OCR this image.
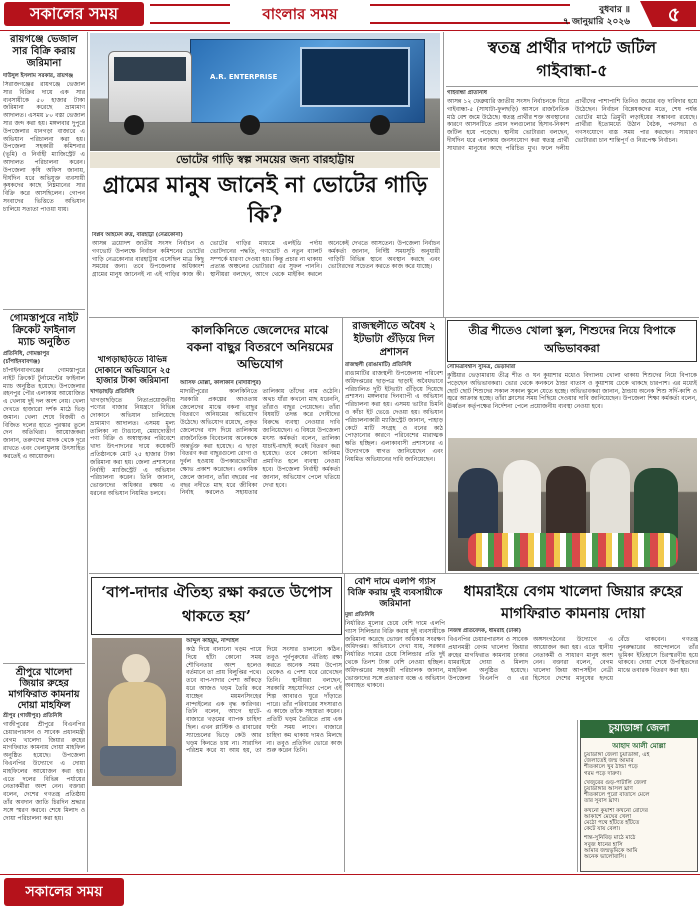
সকালের সময়	বাংলার সময়	বুধবার ॥
৭ জানুয়ারি ২০২৬	৫
রায়গঞ্জে ভেজাল সার বিক্রি করায় জরিমানা
দাউদুল ইসলাম সরকার, রায়গঞ্জ
সিরাজগঞ্জের রায়গঞ্জে ভেজাল সার বিক্রির দায়ে এক সার ব্যবসায়ীকে ৫০ হাজার টাকা জরিমানা করেছে ভ্রাম্যমাণ আদালত। এসময় ৮০ বস্তা ভেজাল সার জব্দ করা হয়। মঙ্গলবার দুপুরে উপজেলার ধানগড়া বাজারে এ অভিযান পরিচালনা করা হয়। উপজেলা সহকারী কমিশনার (ভূমি) ও নির্বাহী ম্যাজিস্ট্রেট এ আদালত পরিচালনা করেন। উপজেলা কৃষি অফিস জানায়, দীর্ঘদিন ধরে অভিযুক্ত ব্যবসায়ী কৃষকদের কাছে নিম্নমানের সার বিক্রি করে আসছিলেন। গোপন সংবাদের ভিত্তিতে অভিযান চালিয়ে সত্যতা পাওয়া যায়।
গোমস্তাপুরে নাইট ক্রিকেট ফাইনাল ম্যাচ অনুষ্ঠিত
প্রতিনিধি, গোমস্তাপুর (চাঁপাইনবাবগঞ্জ)
চাঁপাইনবাবগঞ্জের গোমস্তাপুরে নাইট ক্রিকেট টুর্নামেন্টের ফাইনাল ম্যাচ অনুষ্ঠিত হয়েছে। উপজেলার রহনপুর পৌর এলাকায় আয়োজিত এ খেলায় দুই দল অংশ নেয়। খেলা দেখতে হাজারো দর্শক মাঠে ভিড় জমান। খেলা শেষে বিজয়ী ও বিজিত দলের হাতে পুরস্কার তুলে দেন অতিথিরা। আয়োজকরা জানান, তরুণদের মাদক থেকে দূরে রাখতে এবং খেলাধুলায় উৎসাহিত করতেই এ আয়োজন।
শ্রীপুরে খালেদা জিয়ার রুহের মাগফিরাত কামনায় দোয়া মাহফিল
শ্রীপুর (গাজীপুর) প্রতিনিধি
গাজীপুরের শ্রীপুরে বিএনপির চেয়ারপারসন ও সাবেক প্রধানমন্ত্রী বেগম খালেদা জিয়ার রুহের মাগফিরাত কামনায় দোয়া মাহফিল অনুষ্ঠিত হয়েছে। উপজেলা বিএনপির উদ্যোগে এ দোয়া মাহফিলের আয়োজন করা হয়। এতে দলের বিভিন্ন পর্যায়ের নেতাকর্মীরা অংশ নেন। বক্তারা বলেন, দেশের গণতন্ত্র প্রতিষ্ঠায় তাঁর অবদান জাতি চিরদিন শ্রদ্ধার সঙ্গে স্মরণ করবে। শেষে মিলাদ ও দোয়া পরিচালনা করা হয়।
A.R. ENTERPRISE
ভোটের গাড়ি স্বল্প সময়ের জন্য বারহাট্টায়
গ্রামের মানুষ জানেই না ভোটের গাড়ি কি?
বিপ্লব আহমেদ রুদ্র, বারহাট্টা (নেত্রকোনা)
আসন্ন ত্রয়োদশ জাতীয় সংসদ নির্বাচন ও গণভোট উপলক্ষে নির্বাচন কমিশনের ভোটের গাড়ি নেত্রকোনার বারহাট্টায় এসেছিল মাত্র কিছু সময়ের জন্য। তবে উপজেলার অধিকাংশ গ্রামের মানুষ জানেনই না এই গাড়ির কাজ কী। ভোটের গাড়ির মাধ্যমে এলইডি পর্দায় ভোটদানের পদ্ধতি, গণভোট ও নতুন ব্যালট সম্পর্কে ধারণা দেওয়া হয়। কিন্তু প্রচার না থাকায় প্রত্যন্ত অঞ্চলের ভোটাররা এর সুফল পাননি। স্থানীয়রা বলছেন, আগে থেকে মাইকিং করলে অনেকেই দেখতে আসতেন। উপজেলা নির্বাচন কর্মকর্তা জানান, নির্দিষ্ট সময়সূচি অনুযায়ী গাড়িটি বিভিন্ন স্থানে অবস্থান করছে এবং ভোটারদের সচেতন করতে কাজ করে যাচ্ছে।
স্বতন্ত্র প্রার্থীর দাপটে জটিল গাইবান্ধা-৫
গাইবান্ধা প্রতিনিধি
আসন্ন ১২ ফেব্রুয়ারি জাতীয় সংসদ নির্বাচনকে ঘিরে গাইবান্ধা-৫ (সাঘাটা-ফুলছড়ি) আসনে রাজনৈতিক মাঠ বেশ জমে উঠেছে। স্বতন্ত্র প্রার্থীর শক্ত অবস্থানের কারণে আসনটিতে প্রধান দলগুলোর হিসাব-নিকাশ জটিল হয়ে পড়েছে। স্থানীয় ভোটাররা বলছেন, দীর্ঘদিন ধরে এলাকায় জনসংযোগ করা স্বতন্ত্র প্রার্থী সাধারণ মানুষের কাছে পরিচিত মুখ। ফলে দলীয় প্রার্থীদের পাশাপাশি তিনিও জয়ের বড় দাবিদার হয়ে উঠেছেন। নির্বাচন বিশ্লেষকদের মতে, শেষ পর্যন্ত ভোটের মাঠে ত্রিমুখী লড়াইয়ের সম্ভাবনা রয়েছে। প্রার্থীরা ইতোমধ্যে উঠান বৈঠক, পথসভা ও গণসংযোগে ব্যস্ত সময় পার করছেন। সাধারণ ভোটাররা চান শান্তিপূর্ণ ও নিরপেক্ষ নির্বাচন।
খাগড়াছড়িতে বিভিন্ন দোকানে অভিযানে ২৫ হাজার টাকা জরিমানা
খাগড়াছড়ি প্রতিনিধি
খাগড়াছড়িতে নিত্যপ্রয়োজনীয় পণ্যের বাজার নিয়ন্ত্রণে বিভিন্ন দোকানে অভিযান চালিয়েছে ভ্রাম্যমাণ আদালত। এসময় মূল্য তালিকা না টাঙানো, মেয়াদোত্তীর্ণ পণ্য বিক্রি ও অস্বাস্থ্যকর পরিবেশে খাদ্য উৎপাদনের দায়ে কয়েকটি প্রতিষ্ঠানকে মোট ২৫ হাজার টাকা জরিমানা করা হয়। জেলা প্রশাসনের নির্বাহী ম্যাজিস্ট্রেট এ অভিযান পরিচালনা করেন। তিনি জানান, ভোক্তাদের অধিকার রক্ষায় এ ধরনের অভিযান নিয়মিত চলবে।
কালকিনিতে জেলেদের মাঝে বকনা বাছুর বিতরণে অনিয়মের অভিযোগ
আসিফ মোল্লা, কালকিনি (মাদারীপুর)
মাদারীপুরের কালকিনিতে সরকারি প্রকল্পের আওতায় জেলেদের মাঝে বকনা বাছুর বিতরণে অনিয়মের অভিযোগ উঠেছে। অভিযোগ রয়েছে, প্রকৃত জেলেদের বাদ দিয়ে তালিকায় রাজনৈতিক বিবেচনায় অনেককে অন্তর্ভুক্ত করা হয়েছে। এ ছাড়া বিতরণ করা বাছুরগুলো রোগা ও দুর্বল হওয়ায় উপকারভোগীরা ক্ষোভ প্রকাশ করেছেন। একাধিক জেলে জানান, তাঁরা বছরের পর বছর নদীতে মাছ ধরে জীবিকা নির্বাহ করলেও সহায়তার তালিকায় তাঁদের নাম ওঠেনি। অথচ যাঁরা কখনো মাছ ধরেননি, তাঁরাও বাছুর পেয়েছেন। তাঁরা বিষয়টি তদন্ত করে দোষীদের বিরুদ্ধে ব্যবস্থা নেওয়ার দাবি জানিয়েছেন। এ বিষয়ে উপজেলা মৎস্য কর্মকর্তা বলেন, তালিকা যাচাই-বাছাই করেই বিতরণ করা হয়েছে। তবে কোনো অনিয়ম প্রমাণিত হলে ব্যবস্থা নেওয়া হবে। উপজেলা নির্বাহী কর্মকর্তা জানান, অভিযোগ পেলে খতিয়ে দেখা হবে।
রাজস্থলীতে অবৈধ ২ ইটভাটা গুঁড়িয়ে দিল প্রশাসন
রাজস্থলী (রাঙামাটি) প্রতিনিধি
রাঙামাটির রাজস্থলী উপজেলায় পরিবেশ অধিদপ্তরের ছাড়পত্র ছাড়াই অবৈধভাবে পরিচালিত দুটি ইটভাটা গুঁড়িয়ে দিয়েছে প্রশাসন। মঙ্গলবার দিনব্যাপী এ অভিযান পরিচালনা করা হয়। এসময় ভাটার চিমনি ও কাঁচা ইট ভেঙে দেওয়া হয়। অভিযান পরিচালনাকারী ম্যাজিস্ট্রেট জানান, পাহাড় কেটে মাটি সংগ্রহ ও বনের কাঠ পোড়ানোর কারণে পরিবেশের মারাত্মক ক্ষতি হচ্ছিল। এলাকাবাসী প্রশাসনের এ উদ্যোগকে স্বাগত জানিয়েছেন এবং নিয়মিত অভিযানের দাবি জানিয়েছেন।
তীব্র শীতেও খোলা স্কুল, শিশুদের নিয়ে বিপাকে অভিভাবকরা
সৌমিত্রবিশ্বাস সুমিত্র, ভেড়ামারা
কুষ্টিয়ার ভেড়ামারায় তীব্র শীত ও ঘন কুয়াশার মধ্যেও বিদ্যালয় খোলা থাকায় শিশুদের নিয়ে বিপাকে পড়েছেন অভিভাবকরা। ভোর থেকে কনকনে ঠান্ডা বাতাস ও কুয়াশায় ঢেকে থাকছে চারপাশ। এর মধ্যেই ছোট ছোট শিশুদের সকাল সকাল স্কুলে যেতে হচ্ছে। অভিভাবকরা জানান, ঠান্ডায় অনেক শিশু সর্দি-কাশি ও জ্বরে আক্রান্ত হচ্ছে। তাঁরা ক্লাসের সময় পিছিয়ে দেওয়ার দাবি জানিয়েছেন। উপজেলা শিক্ষা কর্মকর্তা বলেন, ঊর্ধ্বতন কর্তৃপক্ষের নির্দেশনা পেলে প্রয়োজনীয় ব্যবস্থা নেওয়া হবে।
‘বাপ-দাদার ঐতিহ্য রক্ষা করতে উপোস থাকতে হয়’
আব্দুল কাইয়ুম, নান্দাইল
কাঠ দিয়ে বানানো খড়ম পায়ে দিয়ে হাঁটা কোনো সময় শৌখিনতার অংশ হলেও বর্তমানে তা প্রায় বিলুপ্তির পথে। তবে বাপ-দাদার পেশা আঁকড়ে ধরে আজও খড়ম তৈরি করে যাচ্ছেন ময়মনসিংহের নান্দাইলের এক বৃদ্ধ কারিগর। তিনি বলেন, আগে হাটে-বাজারে খড়মের ব্যাপক চাহিদা ছিল। এখন প্লাস্টিক ও রাবারের স্যান্ডেলের ভিড়ে কেউ আর খড়ম কিনতে চায় না। সারাদিন পরিশ্রম করে যা আয় হয়, তা দিয়ে সংসার চালানো কঠিন। তবুও পূর্বপুরুষের ঐতিহ্য রক্ষা করতে অনেক সময় উপোস থেকেও এ পেশা ধরে রেখেছেন তিনি। স্থানীয়রা বলছেন, সরকারি সহযোগিতা পেলে এই শিল্প আবারও ঘুরে দাঁড়াতে পারে। তাঁর পরিবারের সদস্যরাও এ কাজে তাঁকে সহায়তা করেন। প্রতিটি খড়ম তৈরিতে প্রায় এক ঘণ্টা সময় লাগে। বাজারে চাহিদা কম থাকায় দামও মিলছে না। তবুও প্রতিদিন ভোরে কাজ শুরু করেন তিনি।
বেশি দামে এলপি গ্যাস বিক্রি করায় দুই ব্যবসায়ীকে জরিমানা
মুন্না প্রতিনিধি
নির্ধারিত মূল্যের চেয়ে বেশি দামে এলপি গ্যাস সিলিন্ডার বিক্রি করায় দুই ব্যবসায়ীকে জরিমানা করেছে ভোক্তা অধিকার সংরক্ষণ অধিদপ্তর। অভিযানে দেখা যায়, সরকার নির্ধারিত দামের চেয়ে সিলিন্ডার প্রতি দুই থেকে তিনশ টাকা বেশি নেওয়া হচ্ছিল। অধিদপ্তরের সহকারী পরিচালক জানান, ভোক্তাদের সঙ্গে প্রতারণা বন্ধে এ অভিযান অব্যাহত থাকবে।
ধামরাইয়ে বেগম খালেদা জিয়ার রুহের মাগফিরাত কামনায় দোয়া
নিজস্ব প্রতিবেদক, ধামরাই (ঢাকা)
বিএনপির চেয়ারপারসন ও সাবেক প্রধানমন্ত্রী বেগম খালেদা জিয়ার রুহের মাগফিরাত কামনায় ঢাকার ধামরাইয়ে দোয়া ও মিলাদ মাহফিল অনুষ্ঠিত হয়েছে। উপজেলা বিএনপি ও এর অঙ্গসংগঠনের উদ্যোগে এ আয়োজন করা হয়। এতে স্থানীয় নেতাকর্মী ও সাধারণ মানুষ অংশ নেন। বক্তারা বলেন, বেগম খালেদা জিয়া আপসহীন নেত্রী হিসেবে দেশের মানুষের হৃদয়ে বেঁচে থাকবেন। গণতন্ত্র পুনরুদ্ধারের আন্দোলনে তাঁর ভূমিকা ইতিহাসে চিরস্মরণীয় হয়ে থাকবে। দোয়া শেষে উপস্থিতদের মাঝে তবারক বিতরণ করা হয়।
চুয়াডাঙ্গা জেলা
আহাদ আলী মোল্লা
চুয়াডাঙ্গা জেলা চুয়াডাঙ্গা, এই
জেলাতেই জন্ম আমার
শীতকালে খুব ঠান্ডা পড়ে
গরম পড়ে দারুণ।
খেজুরের গুড়-পাটালি জেলা
চুয়াডাঙ্গার আসল ঘ্রাণ
শীতকালে পুরো বাতাসে মেলে
তার সুবাস ঘ্রাণ।
কখনো কুয়াশা কখনো রোদের
আকাশে মেঘের খেলা
মেঠো পথে হাঁটতে হাঁটতে
কেটে যায় বেলা।
শান্ত-সুনিবিড় মাঠে মাঠে
সবুজ ধানের হাসি
আমার জন্মভূমিকে আমি
অনেক ভালোবাসি।
সকালের সময়
